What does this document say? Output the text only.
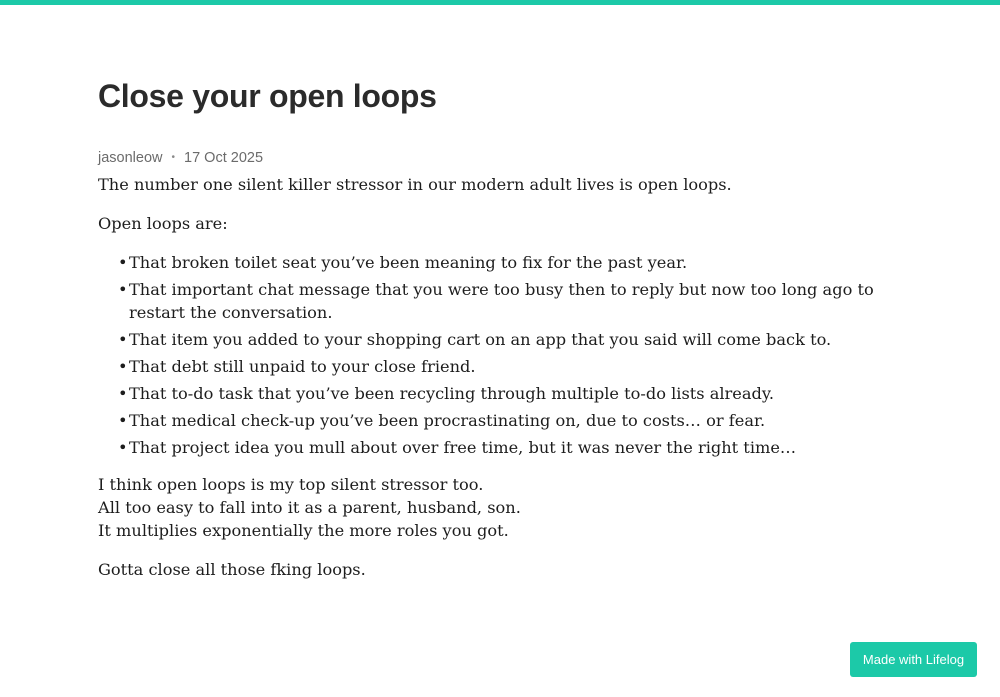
Close your open loops
jasonleow • 17 Oct 2025

The number one silent killer stressor in our modern adult lives is open loops.

Open loops are:

• That broken toilet seat you’ve been meaning to fix for the past year.
• That important chat message that you were too busy then to reply but now too long ago to restart the conversation.
• That item you added to your shopping cart on an app that you said will come back to.
• That debt still unpaid to your close friend.
• That to-do task that you’ve been recycling through multiple to-do lists already.
• That medical check-up you’ve been procrastinating on, due to costs… or fear.
• That project idea you mull about over free time, but it was never the right time…

I think open loops is my top silent stressor too.
All too easy to fall into it as a parent, husband, son.
It multiplies exponentially the more roles you got.

Gotta close all those fking loops.

Made with Lifelog
